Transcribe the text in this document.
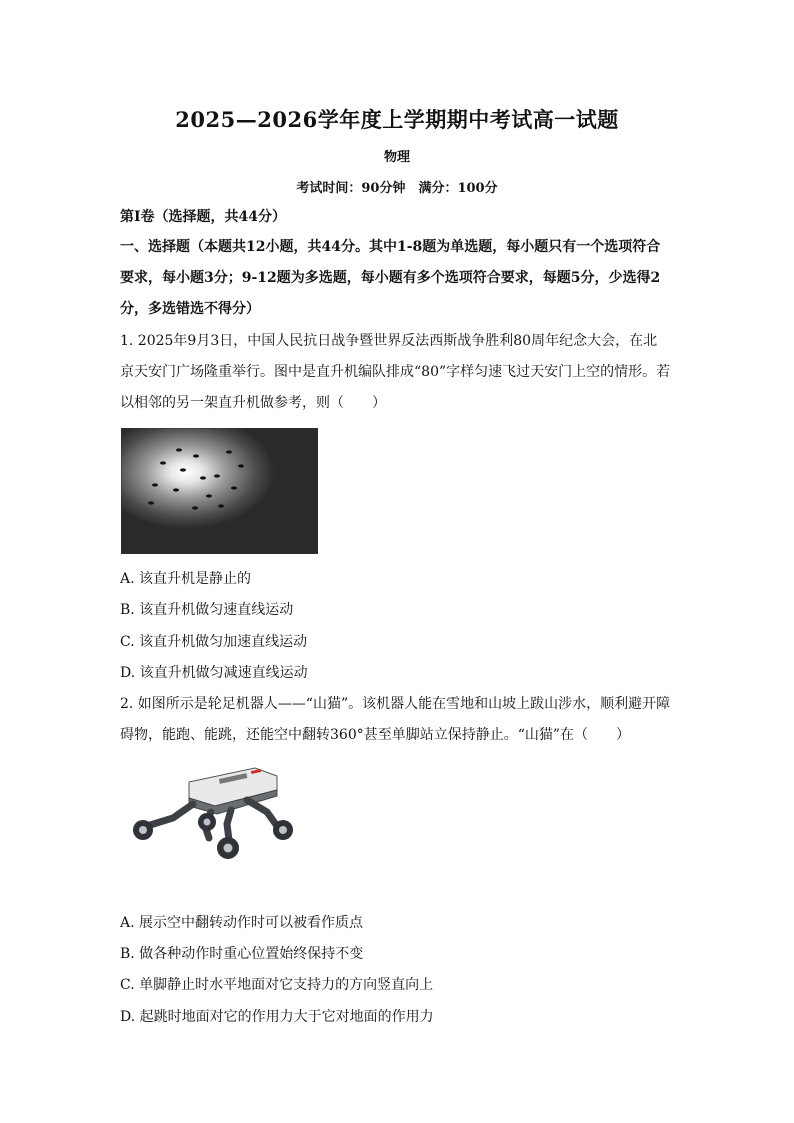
2025—2026学年度上学期期中考试高一试题
物理
考试时间：90分钟　满分：100分
第Ⅰ卷（选择题，共44分）
一、选择题（本题共12小题，共44分。其中1-8题为单选题，每小题只有一个选项符合
要求，每小题3分；9-12题为多选题，每小题有多个选项符合要求，每题5分，少选得2
分，多选错选不得分）
1. 2025年9月3日，中国人民抗日战争暨世界反法西斯战争胜利80周年纪念大会，在北
京天安门广场隆重举行。图中是直升机编队排成“80”字样匀速飞过天安门上空的情形。若
以相邻的另一架直升机做参考，则（　　）
A. 该直升机是静止的
B. 该直升机做匀速直线运动
C. 该直升机做匀加速直线运动
D. 该直升机做匀减速直线运动
2. 如图所示是轮足机器人——“山猫”。该机器人能在雪地和山坡上跋山涉水，顺利避开障
碍物，能跑、能跳，还能空中翻转360°甚至单脚站立保持静止。“山猫”在（　　）
A. 展示空中翻转动作时可以被看作质点
B. 做各种动作时重心位置始终保持不变
C. 单脚静止时水平地面对它支持力的方向竖直向上
D. 起跳时地面对它的作用力大于它对地面的作用力
